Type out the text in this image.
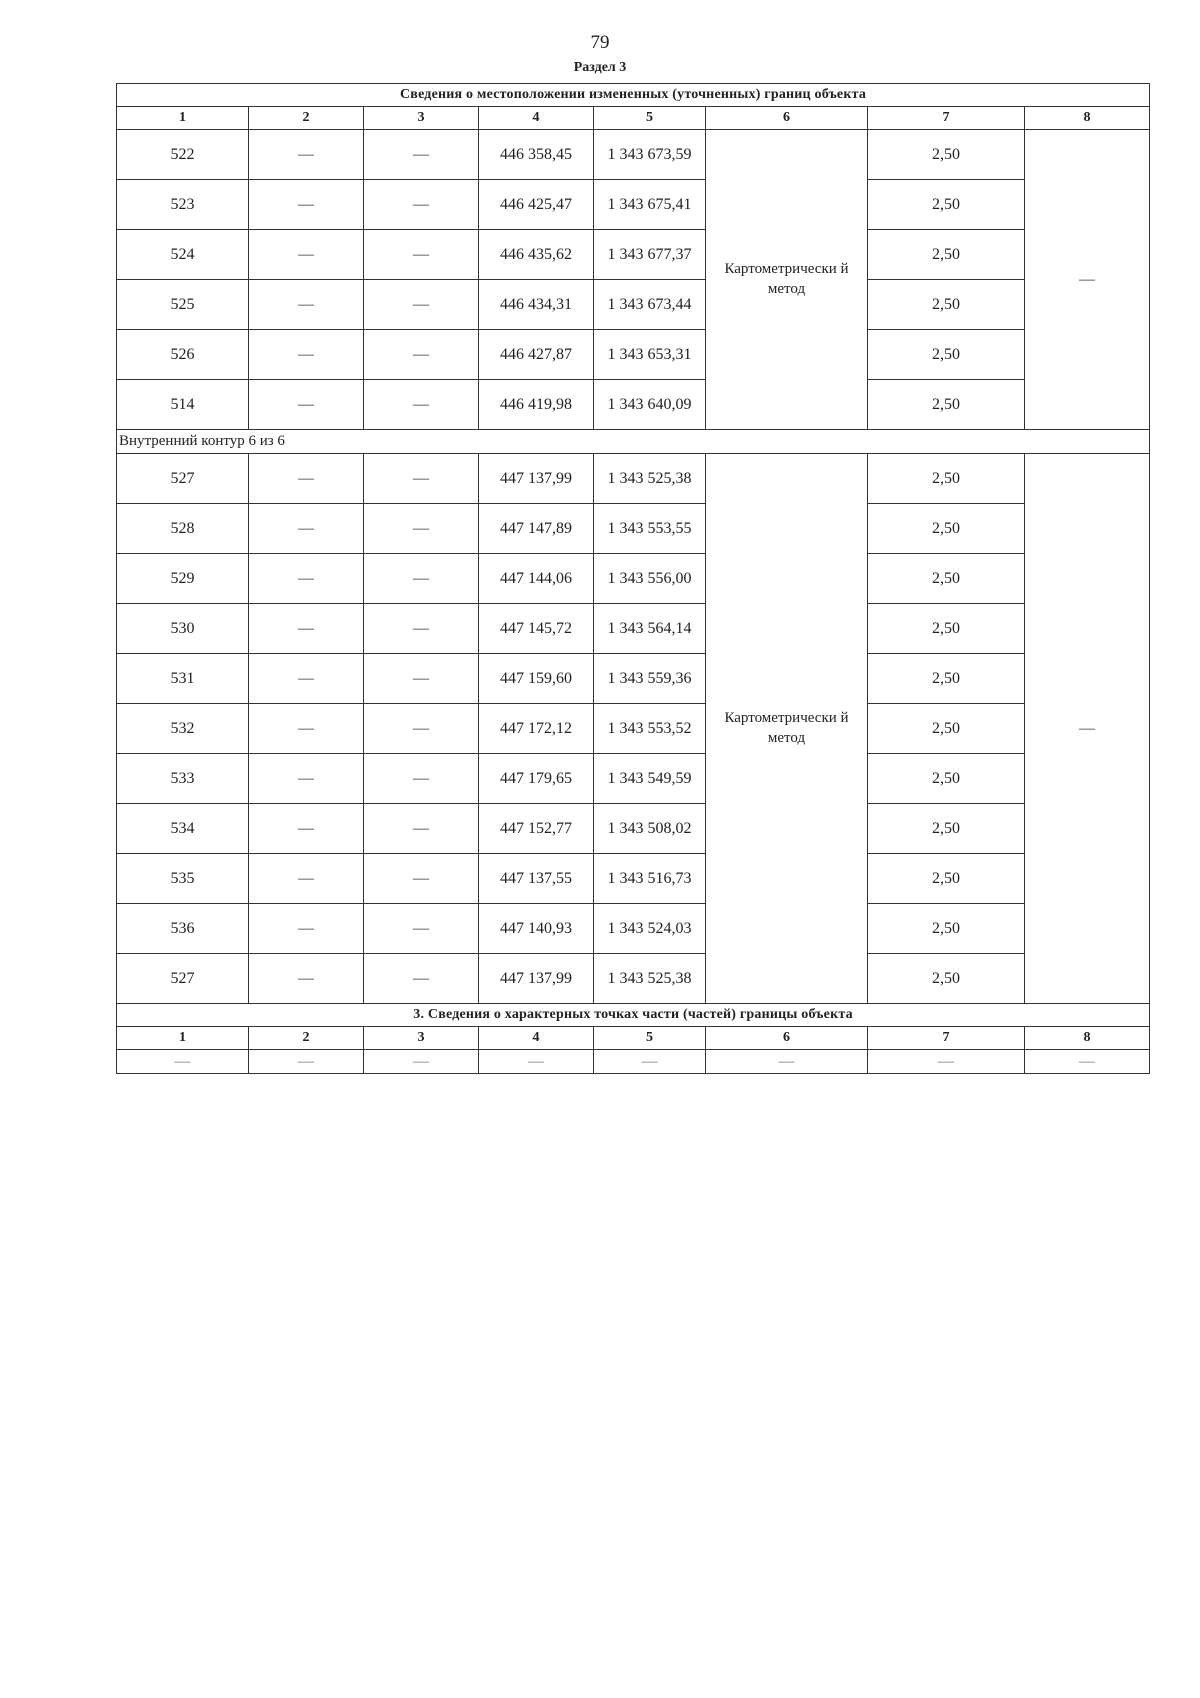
79
Раздел 3
Сведения о местоположении измененных (уточненных) границ объекта							
1	2	3	4	5	6	7	8
522	—	—	446 358,45	1 343 673,59	Картометрически й метод	2,50	—
523	—	—	446 425,47	1 343 675,41		2,50	
524	—	—	446 435,62	1 343 677,37		2,50	
525	—	—	446 434,31	1 343 673,44		2,50	
526	—	—	446 427,87	1 343 653,31		2,50	
514	—	—	446 419,98	1 343 640,09		2,50	
Внутренний контур 6 из 6							
527	—	—	447 137,99	1 343 525,38	Картометрически й метод	2,50	—
528	—	—	447 147,89	1 343 553,55		2,50	
529	—	—	447 144,06	1 343 556,00		2,50	
530	—	—	447 145,72	1 343 564,14		2,50	
531	—	—	447 159,60	1 343 559,36		2,50	
532	—	—	447 172,12	1 343 553,52		2,50	
533	—	—	447 179,65	1 343 549,59		2,50	
534	—	—	447 152,77	1 343 508,02		2,50	
535	—	—	447 137,55	1 343 516,73		2,50	
536	—	—	447 140,93	1 343 524,03		2,50	
527	—	—	447 137,99	1 343 525,38		2,50	
3. Сведения о характерных точках части (частей) границы объекта							
1	2	3	4	5	6	7	8
—	—	—	—	—	—	—	—
